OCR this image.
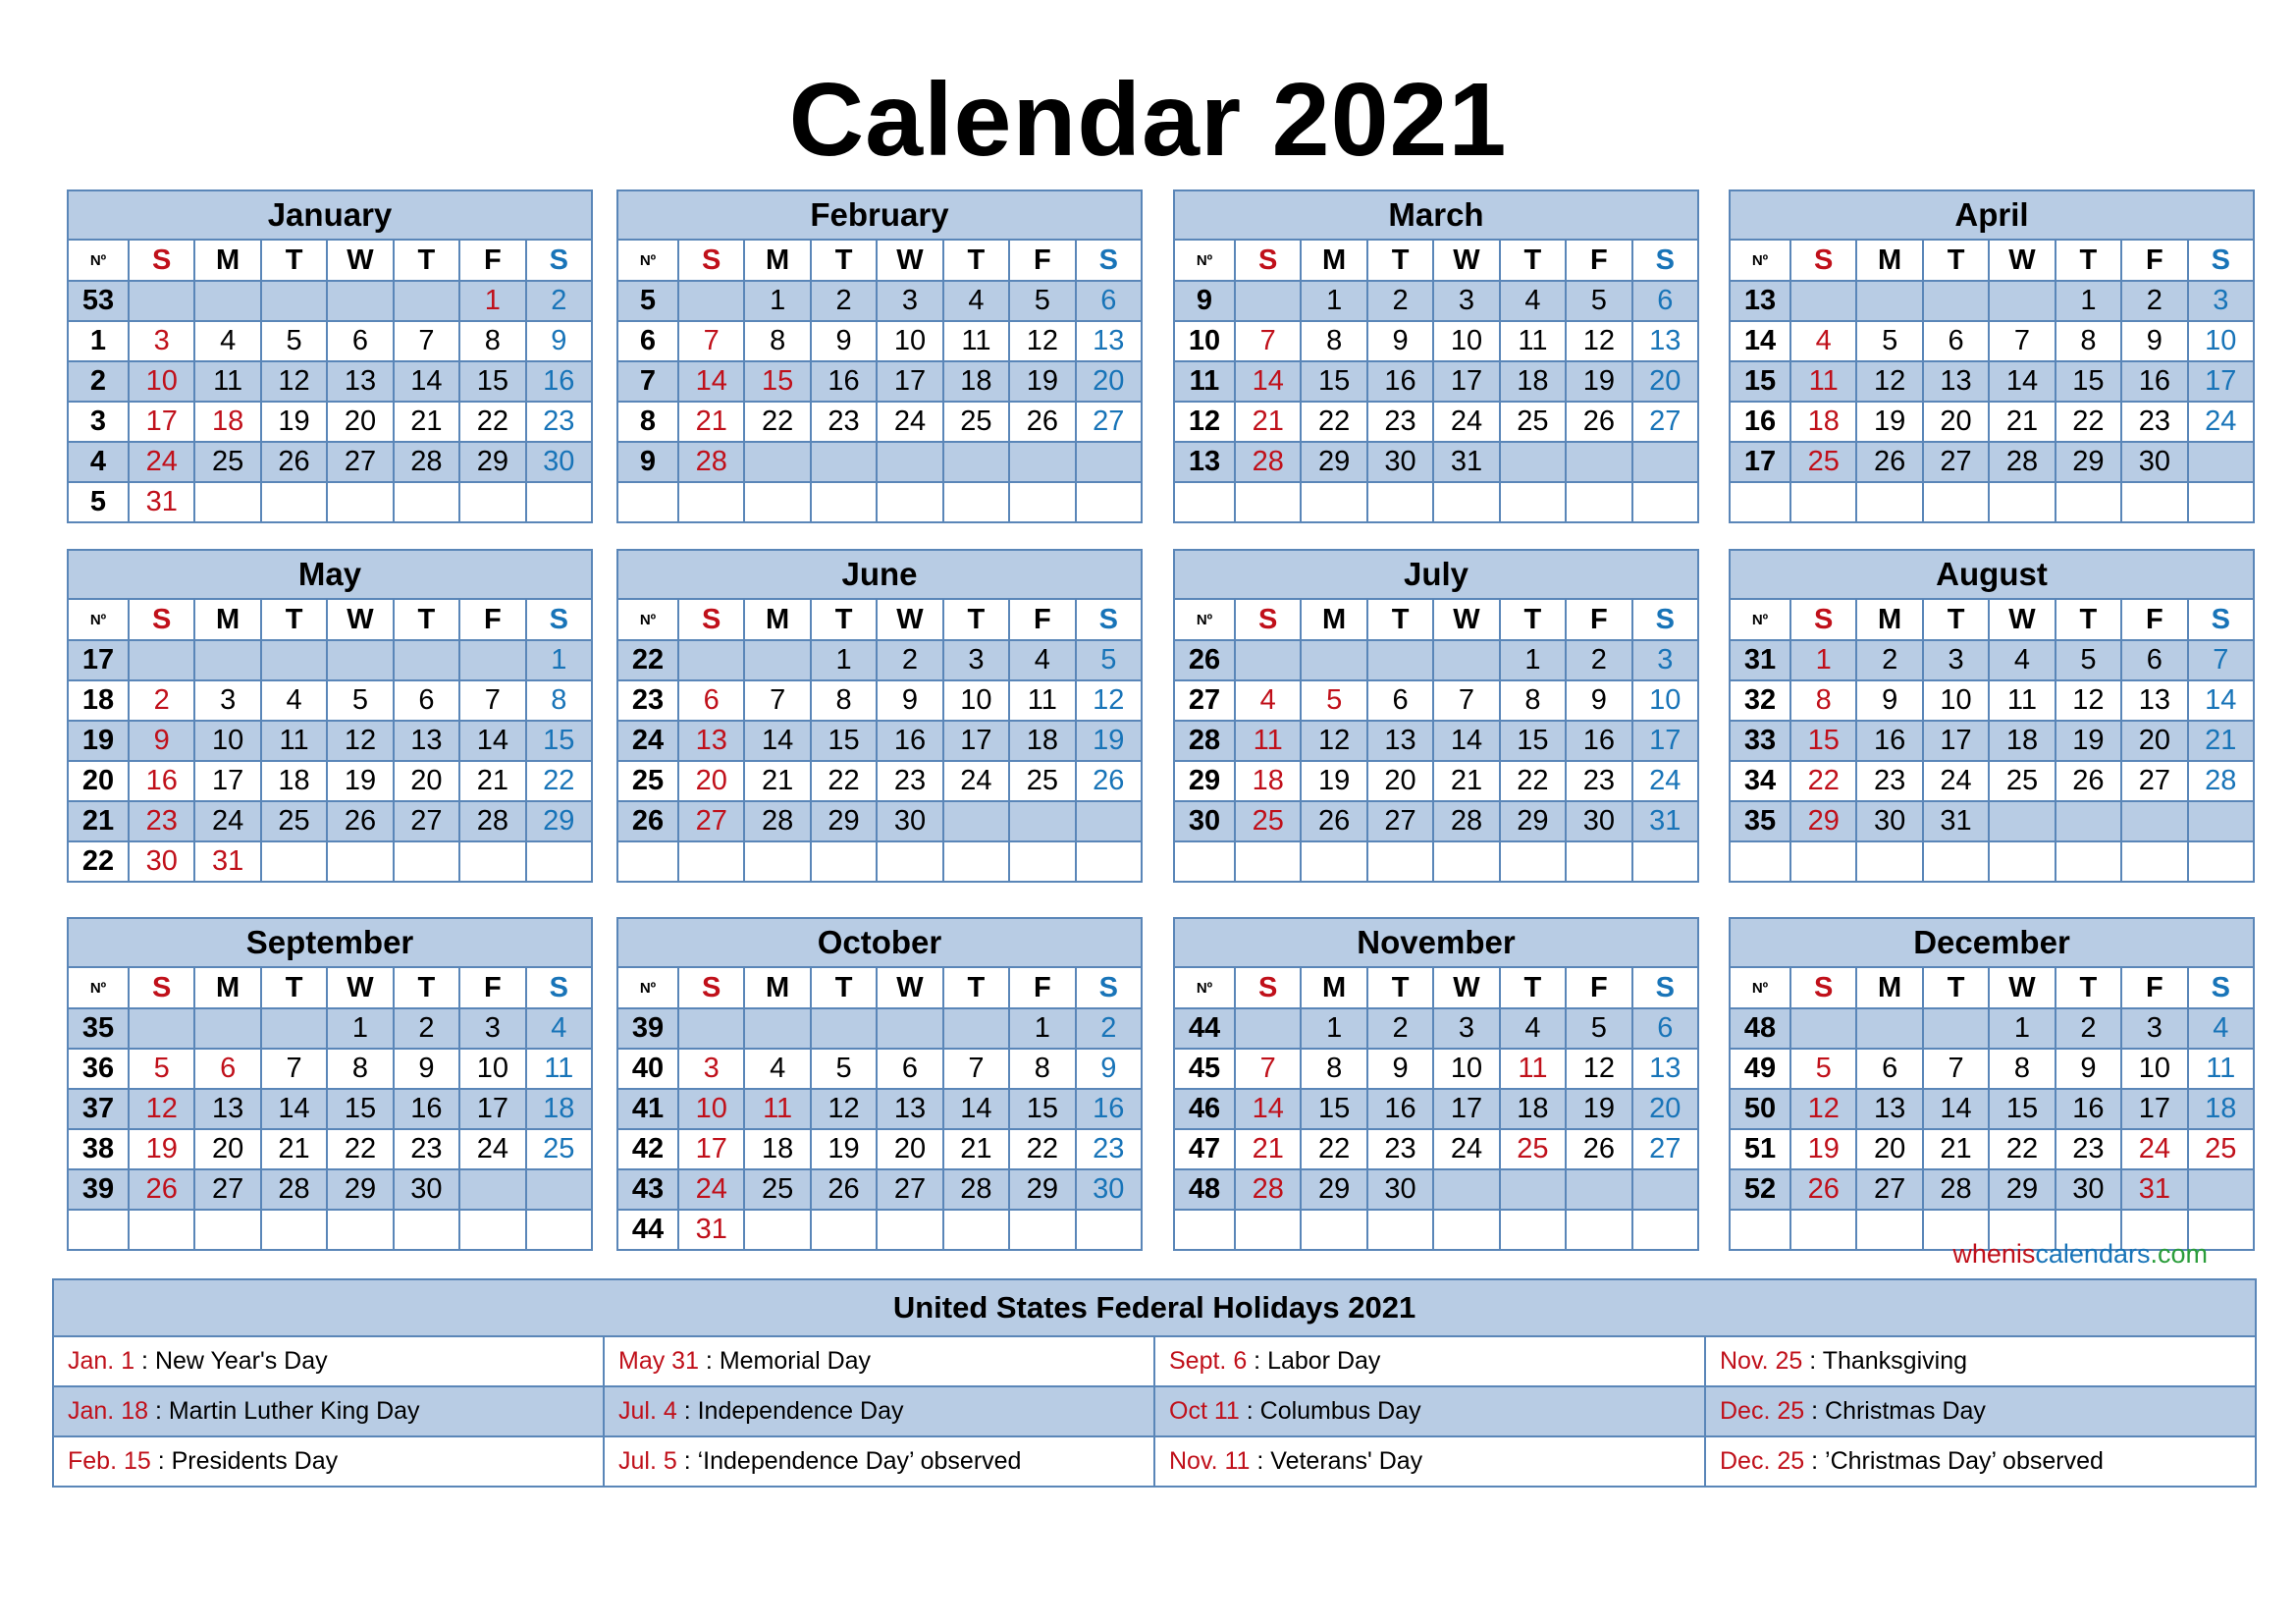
Calendar 2021
January							
Nº	S	M	T	W	T	F	S
53						1	2
1	3	4	5	6	7	8	9
2	10	11	12	13	14	15	16
3	17	18	19	20	21	22	23
4	24	25	26	27	28	29	30
5	31						
February							
Nº	S	M	T	W	T	F	S
5		1	2	3	4	5	6
6	7	8	9	10	11	12	13
7	14	15	16	17	18	19	20
8	21	22	23	24	25	26	27
9	28						

March							
Nº	S	M	T	W	T	F	S
9		1	2	3	4	5	6
10	7	8	9	10	11	12	13
11	14	15	16	17	18	19	20
12	21	22	23	24	25	26	27
13	28	29	30	31			

April							
Nº	S	M	T	W	T	F	S
13					1	2	3
14	4	5	6	7	8	9	10
15	11	12	13	14	15	16	17
16	18	19	20	21	22	23	24
17	25	26	27	28	29	30	

May							
Nº	S	M	T	W	T	F	S
17							1
18	2	3	4	5	6	7	8
19	9	10	11	12	13	14	15
20	16	17	18	19	20	21	22
21	23	24	25	26	27	28	29
22	30	31					
June							
Nº	S	M	T	W	T	F	S
22			1	2	3	4	5
23	6	7	8	9	10	11	12
24	13	14	15	16	17	18	19
25	20	21	22	23	24	25	26
26	27	28	29	30			

July							
Nº	S	M	T	W	T	F	S
26					1	2	3
27	4	5	6	7	8	9	10
28	11	12	13	14	15	16	17
29	18	19	20	21	22	23	24
30	25	26	27	28	29	30	31

August							
Nº	S	M	T	W	T	F	S
31	1	2	3	4	5	6	7
32	8	9	10	11	12	13	14
33	15	16	17	18	19	20	21
34	22	23	24	25	26	27	28
35	29	30	31				

September							
Nº	S	M	T	W	T	F	S
35				1	2	3	4
36	5	6	7	8	9	10	11
37	12	13	14	15	16	17	18
38	19	20	21	22	23	24	25
39	26	27	28	29	30		

October							
Nº	S	M	T	W	T	F	S
39						1	2
40	3	4	5	6	7	8	9
41	10	11	12	13	14	15	16
42	17	18	19	20	21	22	23
43	24	25	26	27	28	29	30
44	31						
November							
Nº	S	M	T	W	T	F	S
44		1	2	3	4	5	6
45	7	8	9	10	11	12	13
46	14	15	16	17	18	19	20
47	21	22	23	24	25	26	27
48	28	29	30				

December							
Nº	S	M	T	W	T	F	S
48				1	2	3	4
49	5	6	7	8	9	10	11
50	12	13	14	15	16	17	18
51	19	20	21	22	23	24	25
52	26	27	28	29	30	31	

wheniscalendars.com
United States Federal Holidays 2021			
Jan. 1 : New Year's Day	May 31 : Memorial Day	Sept. 6 : Labor Day	Nov. 25 : Thanksgiving
Jan. 18 : Martin Luther King Day	Jul. 4 : Independence Day	Oct 11 : Columbus Day	Dec. 25 : Christmas Day
Feb. 15 : Presidents Day	Jul. 5 : ‘Independence Day’ observed	Nov. 11 : Veterans' Day	Dec. 25 : ’Christmas Day’ observed
